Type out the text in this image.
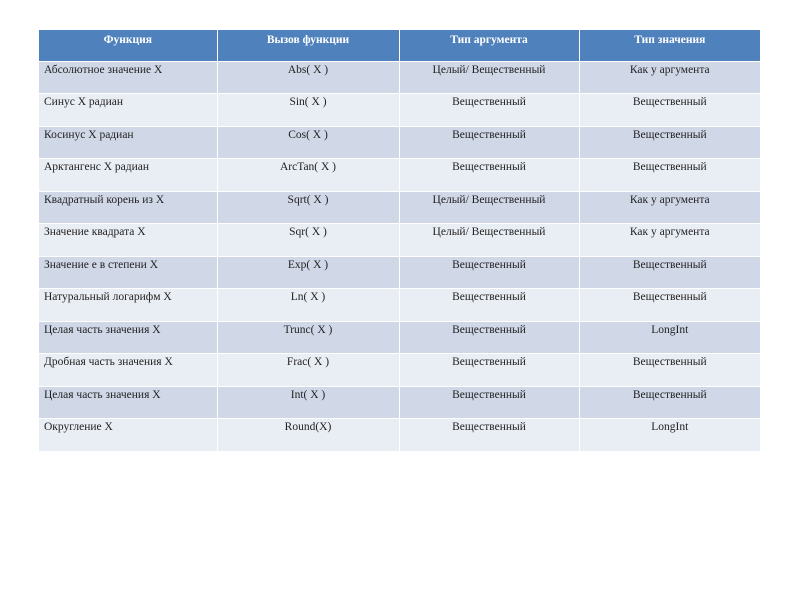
Функция	Вызов функции	Тип аргумента	Тип значения
Абсолютное значение X	Abs( X )	Целый/ Вещественный	Как у аргумента
Синус X радиан	Sin( X )	Вещественный	Вещественный
Косинус X радиан	Cos( X )	Вещественный	Вещественный
Арктангенс X радиан	ArcTan( X )	Вещественный	Вещественный
Квадратный корень из X	Sqrt( X )	Целый/ Вещественный	Как у аргумента
Значение квадрата X	Sqr( X )	Целый/ Вещественный	Как у аргумента
Значение е в степени X	Exp( X )	Вещественный	Вещественный
Натуральный логарифм X	Ln( X )	Вещественный	Вещественный
Целая часть значения X	Trunc( X )	Вещественный	LongInt
Дробная часть значения X	Frac( X )	Вещественный	Вещественный
Целая часть значения X	Int( X )	Вещественный	Вещественный
Округление X	Round(X)	Вещественный	LongInt
